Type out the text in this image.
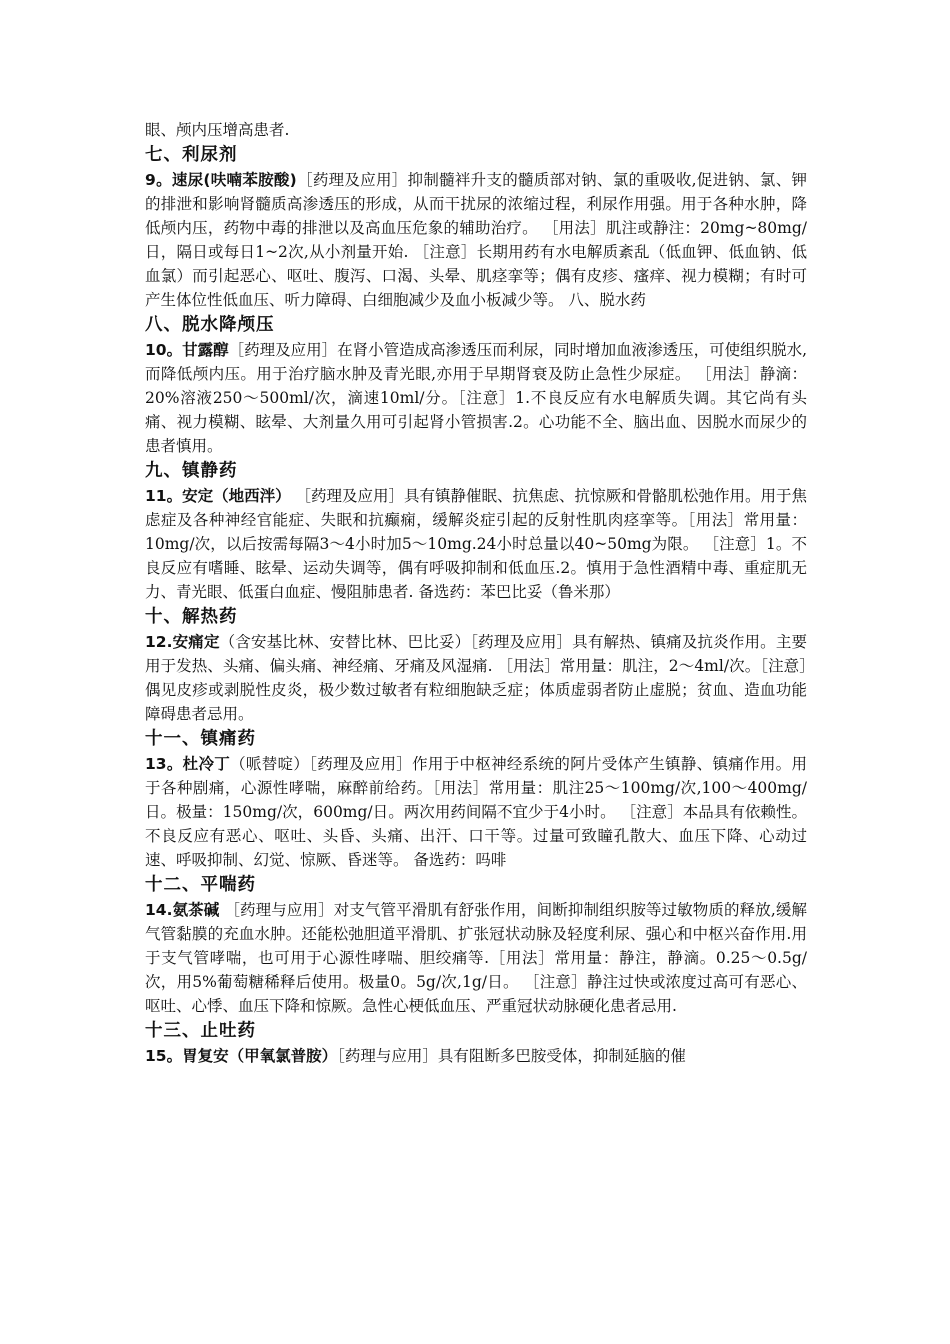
眼、颅内压增高患者.

七、利尿剂

9。速尿(呋喃苯胺酸)［药理及应用］抑制髓袢升支的髓质部对钠、氯的重吸收,促进钠、氯、钾的排泄和影响肾髓质高渗透压的形成，从而干扰尿的浓缩过程，利尿作用强。用于各种水肿，降低颅内压，药物中毒的排泄以及高血压危象的辅助治疗。 ［用法］肌注或静注：20mg~80mg/日，隔日或每日1~2次,从小剂量开始. ［注意］长期用药有水电解质紊乱（低血钾、低血钠、低血氯）而引起恶心、呕吐、腹泻、口渴、头晕、肌痉挛等；偶有皮疹、瘙痒、视力模糊；有时可产生体位性低血压、听力障碍、白细胞减少及血小板减少等。 八、脱水药

八、脱水降颅压

10。甘露醇［药理及应用］在肾小管造成高渗透压而利尿，同时增加血液渗透压，可使组织脱水,而降低颅内压。用于治疗脑水肿及青光眼,亦用于早期肾衰及防止急性少尿症。 ［用法］静滴：20%溶液250～500ml/次，滴速10ml/分。［注意］1.不良反应有水电解质失调。其它尚有头痛、视力模糊、眩晕、大剂量久用可引起肾小管损害.2。心功能不全、脑出血、因脱水而尿少的患者慎用。

九、镇静药

11。安定（地西泮） ［药理及应用］具有镇静催眠、抗焦虑、抗惊厥和骨骼肌松弛作用。用于焦虑症及各种神经官能症、失眠和抗癫痫，缓解炎症引起的反射性肌肉痉挛等。［用法］常用量：10mg/次，以后按需每隔3～4小时加5～10mg.24小时总量以40~50mg为限。 ［注意］1。不良反应有嗜睡、眩晕、运动失调等，偶有呼吸抑制和低血压.2。慎用于急性酒精中毒、重症肌无力、青光眼、低蛋白血症、慢阻肺患者. 备选药：苯巴比妥（鲁米那）

十、解热药

12.安痛定（含安基比林、安替比林、巴比妥）［药理及应用］具有解热、镇痛及抗炎作用。主要用于发热、头痛、偏头痛、神经痛、牙痛及风湿痛. ［用法］常用量：肌注，2～4ml/次。［注意］偶见皮疹或剥脱性皮炎，极少数过敏者有粒细胞缺乏症；体质虚弱者防止虚脱；贫血、造血功能障碍患者忌用。

十一、镇痛药

13。杜冷丁（哌替啶）［药理及应用］作用于中枢神经系统的阿片受体产生镇静、镇痛作用。用于各种剧痛，心源性哮喘，麻醉前给药。［用法］常用量：肌注25～100mg/次,100～400mg/日。极量：150mg/次，600mg/日。两次用药间隔不宜少于4小时。 ［注意］本品具有依赖性。不良反应有恶心、呕吐、头昏、头痛、出汗、口干等。过量可致瞳孔散大、血压下降、心动过速、呼吸抑制、幻觉、惊厥、昏迷等。 备选药：吗啡

十二、平喘药

14.氨茶碱 ［药理与应用］对支气管平滑肌有舒张作用，间断抑制组织胺等过敏物质的释放,缓解气管黏膜的充血水肿。还能松弛胆道平滑肌、扩张冠状动脉及轻度利尿、强心和中枢兴奋作用.用于支气管哮喘，也可用于心源性哮喘、胆绞痛等.［用法］常用量：静注，静滴。0.25～0.5g/次，用5%葡萄糖稀释后使用。极量0。5g/次,1g/日。 ［注意］静注过快或浓度过高可有恶心、呕吐、心悸、血压下降和惊厥。急性心梗低血压、严重冠状动脉硬化患者忌用.

十三、止吐药

15。胃复安（甲氧氯普胺）［药理与应用］具有阻断多巴胺受体，抑制延脑的催
